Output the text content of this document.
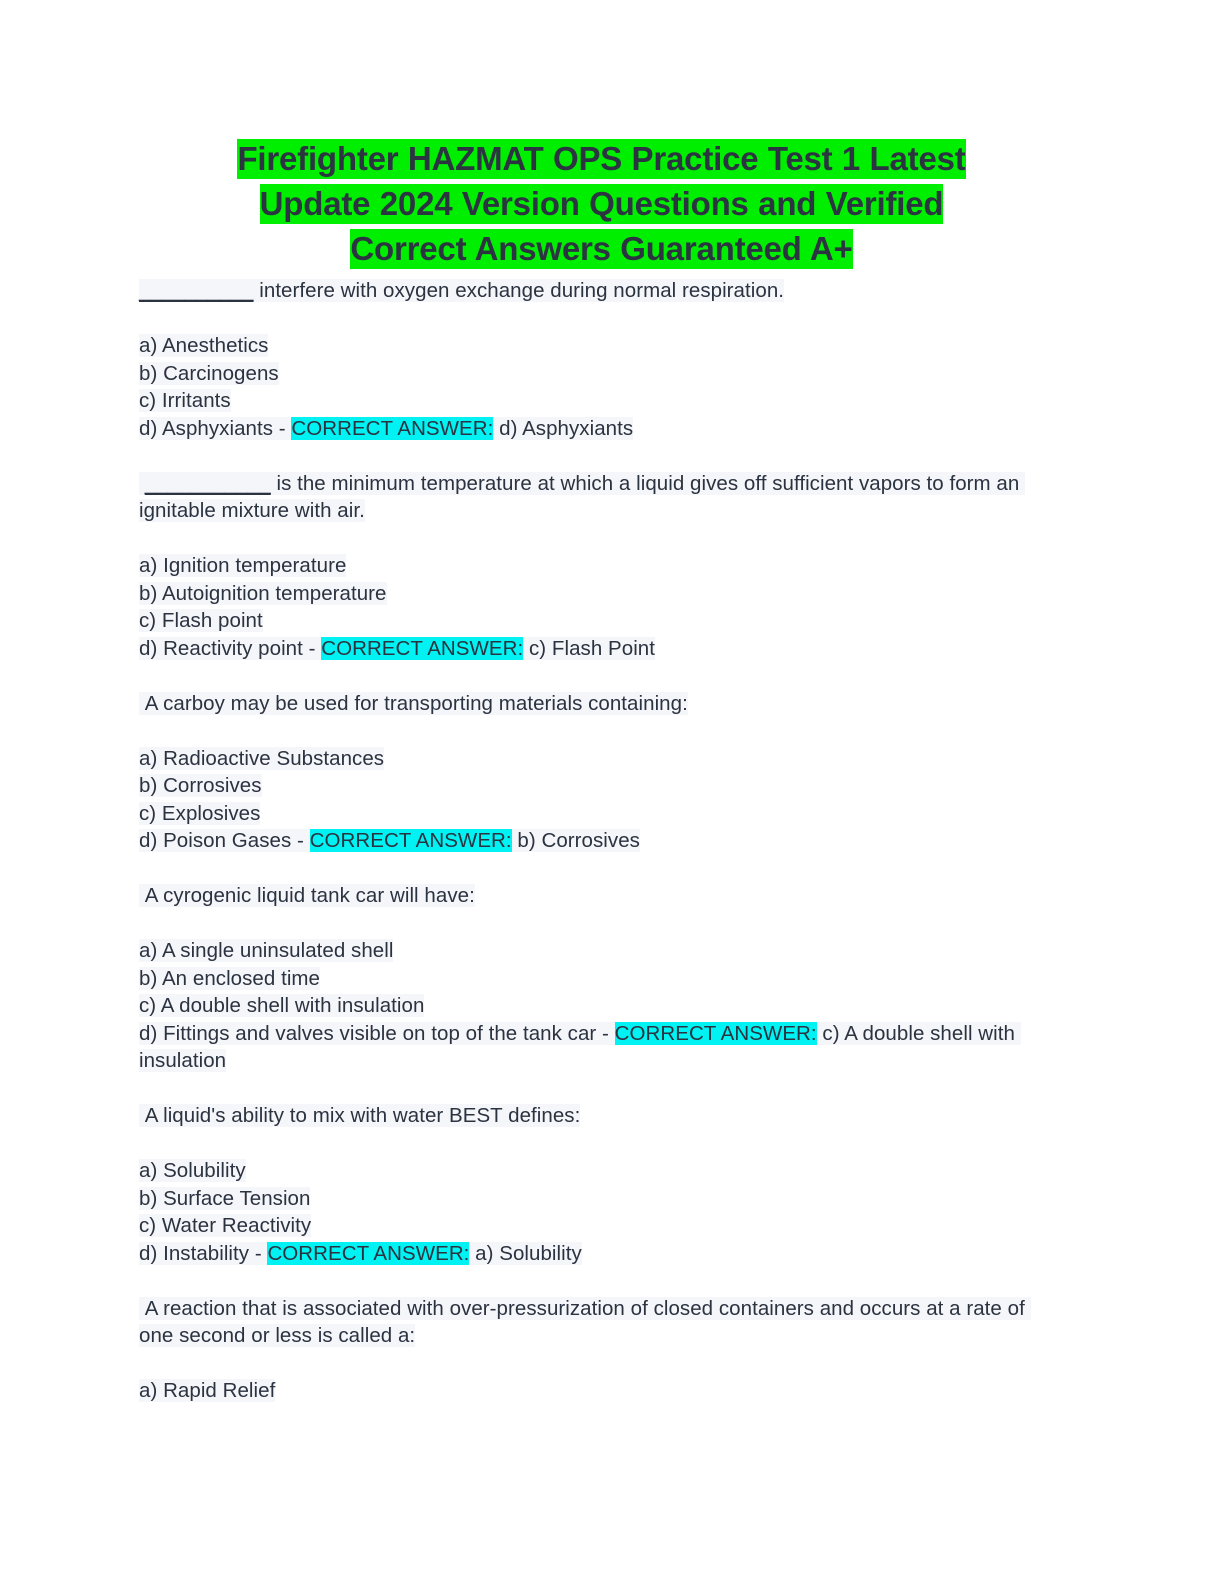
Firefighter HAZMAT OPS Practice Test 1 Latest
Update 2024 Version Questions and Verified
Correct Answers Guaranteed A+

__________ interfere with oxygen exchange during normal respiration.

a) Anesthetics

b) Carcinogens

c) Irritants

d) Asphyxiants - CORRECT ANSWER: d) Asphyxiants

___________ is the minimum temperature at which a liquid gives off sufficient vapors to form an ignitable mixture with air.

a) Ignition temperature

b) Autoignition temperature

c) Flash point

d) Reactivity point - CORRECT ANSWER: c) Flash Point

A carboy may be used for transporting materials containing:

a) Radioactive Substances

b) Corrosives

c) Explosives

d) Poison Gases - CORRECT ANSWER: b) Corrosives

A cyrogenic liquid tank car will have:

a) A single uninsulated shell

b) An enclosed time

c) A double shell with insulation

d) Fittings and valves visible on top of the tank car - CORRECT ANSWER: c) A double shell with insulation

A liquid's ability to mix with water BEST defines:

a) Solubility

b) Surface Tension

c) Water Reactivity

d) Instability - CORRECT ANSWER: a) Solubility

A reaction that is associated with over-pressurization of closed containers and occurs at a rate of one second or less is called a:

a) Rapid Relief
